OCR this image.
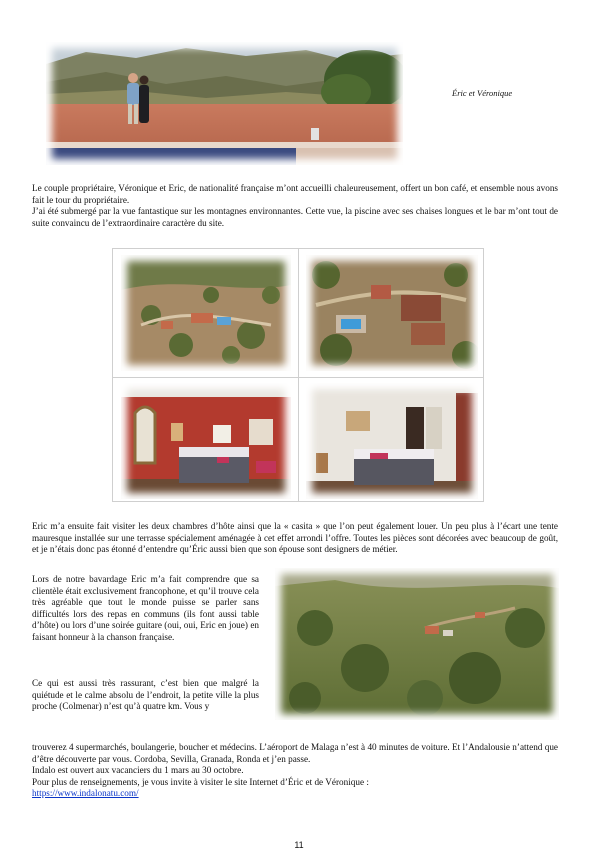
Éric et Véronique

Le couple propriétaire, Véronique et Eric, de nationalité française m’ont accueilli chaleureusement, offert un bon café, et ensemble nous avons fait le tour du propriétaire.

J’ai été submergé par la vue fantastique sur les montagnes environnantes. Cette vue, la piscine avec ses chaises longues et le bar m’ont tout de suite convaincu de l’extraordinaire caractère du site.

Eric m’a ensuite fait visiter les deux chambres d’hôte ainsi que la « casita » que l’on peut également louer. Un peu plus à l’écart une tente mauresque installée sur une terrasse spécialement aménagée à cet effet arrondi l’offre. Toutes les pièces sont décorées avec beaucoup de goût, et je n’étais donc pas étonné d’entendre qu’Éric aussi bien que son épouse sont designers de métier.

Lors de notre bavardage Eric m’a fait comprendre que sa clientèle était exclusivement francophone, et qu’il trouve cela très agréable que tout le monde puisse se parler sans difficultés lors des repas en communs (ils font aussi table d’hôte) ou lors d’une soirée guitare (oui, oui, Eric en joue) en faisant honneur à la chanson française.

Ce qui est aussi très rassurant, c’est bien que malgré la quiétude et le calme absolu de l’endroit, la petite ville la plus proche (Colmenar) n’est qu’à quatre km. Vous y

trouverez 4 supermarchés, boulangerie, boucher et médecins. L’aéroport de Malaga n’est à 40 minutes de voiture. Et l’Andalousie n’attend que d’être découverte par vous. Cordoba, Sevilla, Granada, Ronda et j’en passe.

Indalo est ouvert aux vacanciers du 1 mars au 30 octobre.

Pour plus de renseignements, je vous invite à visiter le site Internet d’Éric et de Véronique :

https://www.indalonatu.com/

11
